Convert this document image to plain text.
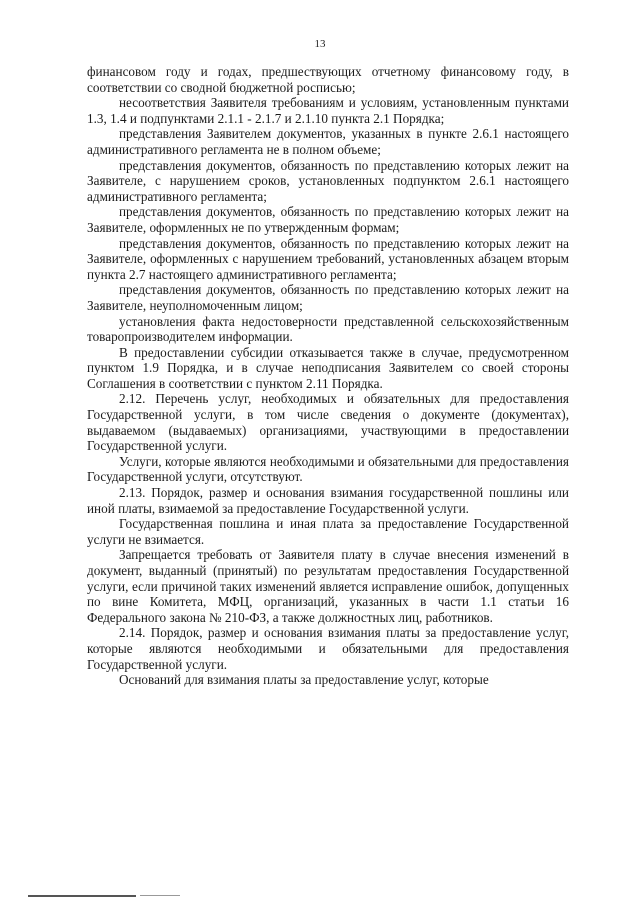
13

финансовом году и годах, предшествующих отчетному финансовому году, в соответствии со сводной бюджетной росписью;

несоответствия Заявителя требованиям и условиям, установленным пунктами 1.3, 1.4 и подпунктами 2.1.1 - 2.1.7 и 2.1.10 пункта 2.1 Порядка;

представления Заявителем документов, указанных в пункте 2.6.1 настоящего административного регламента не в полном объеме;

представления документов, обязанность по представлению которых лежит на Заявителе, с нарушением сроков, установленных подпунктом 2.6.1 настоящего административного регламента;

представления документов, обязанность по представлению которых лежит на Заявителе, оформленных не по утвержденным формам;

представления документов, обязанность по представлению которых лежит на Заявителе, оформленных с нарушением требований, установленных абзацем вторым пункта 2.7 настоящего административного регламента;

представления документов, обязанность по представлению которых лежит на Заявителе, неуполномоченным лицом;

установления факта недостоверности представленной сельскохозяйственным товаропроизводителем информации.

В предоставлении субсидии отказывается также в случае, предусмотренном пунктом 1.9 Порядка, и в случае неподписания Заявителем со своей стороны Соглашения в соответствии с пунктом 2.11 Порядка.

2.12. Перечень услуг, необходимых и обязательных для предоставления Государственной услуги, в том числе сведения о документе (документах), выдаваемом (выдаваемых) организациями, участвующими в предоставлении Государственной услуги.

Услуги, которые являются необходимыми и обязательными для предоставления Государственной услуги, отсутствуют.

2.13. Порядок, размер и основания взимания государственной пошлины или иной платы, взимаемой за предоставление Государственной услуги.

Государственная пошлина и иная плата за предоставление Государственной услуги не взимается.

Запрещается требовать от Заявителя плату в случае внесения изменений в документ, выданный (принятый) по результатам предоставления Государственной услуги, если причиной таких изменений является исправление ошибок, допущенных по вине Комитета, МФЦ, организаций, указанных в части 1.1 статьи 16 Федерального закона № 210-ФЗ, а также должностных лиц, работников.

2.14. Порядок, размер и основания взимания платы за предоставление услуг, которые являются необходимыми и обязательными для предоставления Государственной услуги.

Оснований для взимания платы за предоставление услуг, которые
